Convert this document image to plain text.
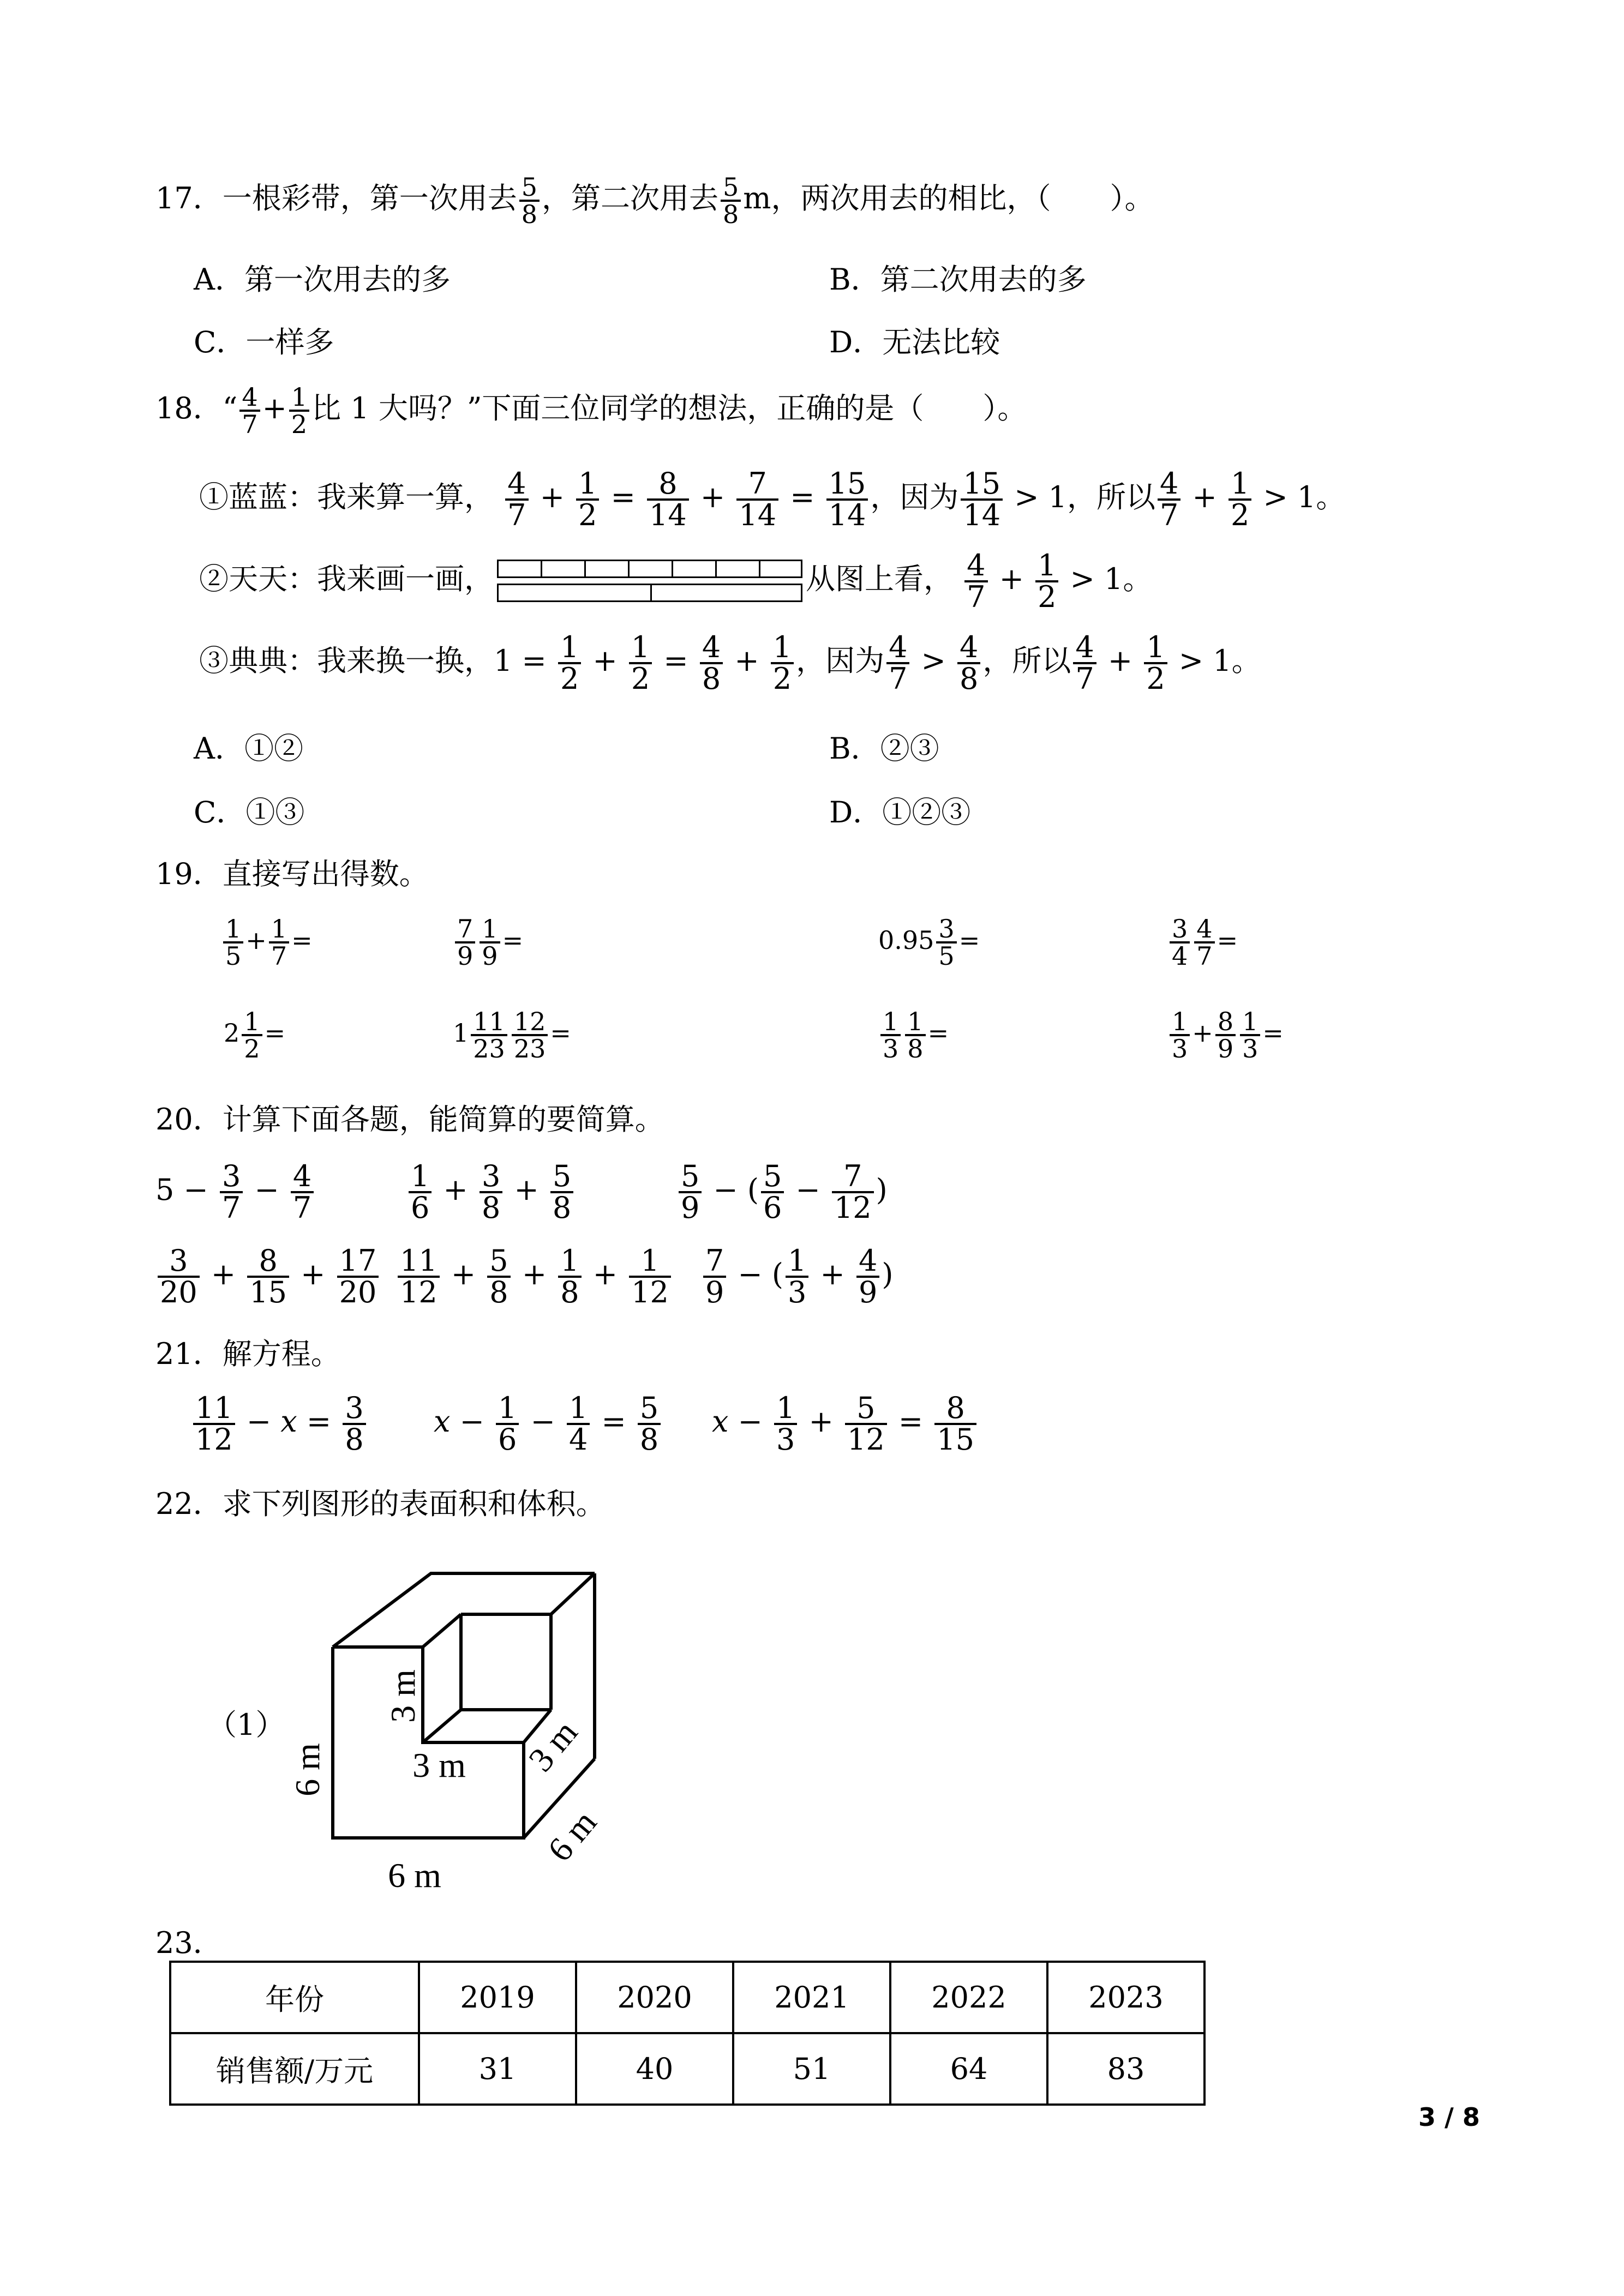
17．一根彩带，第一次用去 $\frac{5}{8}$ ，第二次用去 $\frac{5}{8}$ m，两次用去的相比，（　　）。
A．第一次用去的多	B．第二次用去的多
C．一样多	D．无法比较
18．“ $\frac{4}{7} + \frac{1}{2}$ 比 1 大吗？”下面三位同学的想法，正确的是（　　）。
①蓝蓝：我来算一算， $\frac{4}{7} + \frac{1}{2} = \frac{8}{14} + \frac{7}{14} = \frac{15}{14}$ ，因为 $\frac{15}{14} > 1$，所以 $\frac{4}{7} + \frac{1}{2} > 1$。
②天天：我来画一画，	从图上看， $\frac{4}{7} + \frac{1}{2} > 1$。
③典典：我来换一换，$1 = \frac{1}{2} + \frac{1}{2} = \frac{4}{8} + \frac{1}{2}$ ，因为 $\frac{4}{7} > \frac{4}{8}$ ，所以 $\frac{4}{7} + \frac{1}{2} > 1$。
A．①②	B．②③
C．①③	D．①②③
19．直接写出得数。
$\frac{1}{5} + \frac{1}{7}$ =	$\frac{7}{9} \frac{1}{9}$ =	$0.95 \frac{3}{5}$ =	$\frac{3}{4} \frac{4}{7}$ =
$2 \frac{1}{2}$ =	$1 \frac{11}{23} \frac{12}{23}$ =	$\frac{1}{3} \frac{1}{8}$ =	$\frac{1}{3} + \frac{8}{9} \frac{1}{3}$ =
20．计算下面各题，能简算的要简算。
$5 - \frac{3}{7} - \frac{4}{7}$	$\frac{1}{6} + \frac{3}{8} + \frac{5}{8}$	$\frac{5}{9}$ − ( $\frac{5}{6} - \frac{7}{12}$ )
$\frac{3}{20} + \frac{8}{15} + \frac{17}{20} \frac{11}{12} + \frac{5}{8} + \frac{1}{8} + \frac{1}{12} \frac{7}{9}$ − ( $\frac{1}{3} + \frac{4}{9}$ )
21．解方程。
$\frac{11}{12} - x = \frac{3}{8}$ $x - \frac{1}{6} - \frac{1}{4} = \frac{5}{8}$ $x - \frac{1}{3} + \frac{5}{12} = \frac{8}{15}$
22．求下列图形的表面积和体积。
（1）
6 m
3 m
3 m 3 m
6 m
6 m
23．
年份	2019	2020	2021	2022	2023
销售额/万元	31	40	51	64	83
3 / 8
